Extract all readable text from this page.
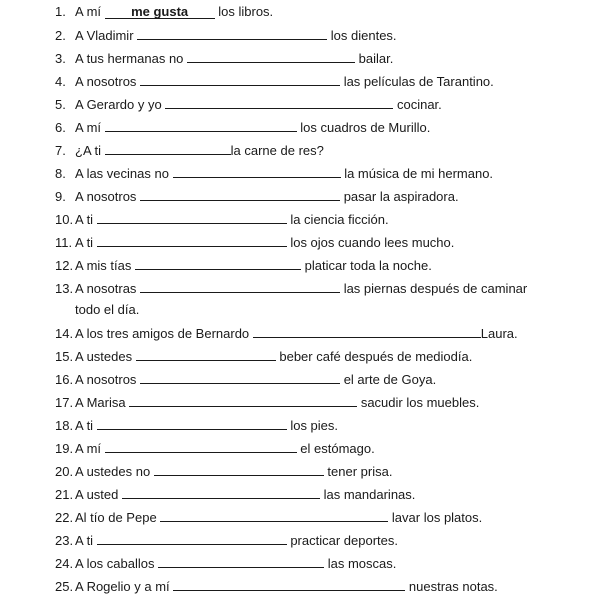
1. A mí me gusta los libros.
2. A Vladimir	los dientes.
3. A tus hermanas no	bailar.
4. A nosotros	las películas de Tarantino.
5. A Gerardo y yo	cocinar.
6. A mí	los cuadros de Murillo.
7. ¿A ti	la carne de res?
8. A las vecinas no	la música de mi hermano.
9. A nosotros	pasar la aspiradora.
10. A ti	la ciencia ficción.
11. A ti	los ojos cuando lees mucho.
12. A mis tías	platicar toda la noche.
13. A nosotras	las piernas después de caminar
todo el día.
14. A los tres amigos de Bernardo	Laura.
15. A ustedes	beber café después de mediodía.
16. A nosotros	el arte de Goya.
17. A Marisa	sacudir los muebles.
18. A ti	los pies.
19. A mí	el estómago.
20. A ustedes no	tener prisa.
21. A usted	las mandarinas.
22. Al tío de Pepe	lavar los platos.
23. A ti	practicar deportes.
24. A los caballos	las moscas.
25. A Rogelio y a mí	nuestras notas.
